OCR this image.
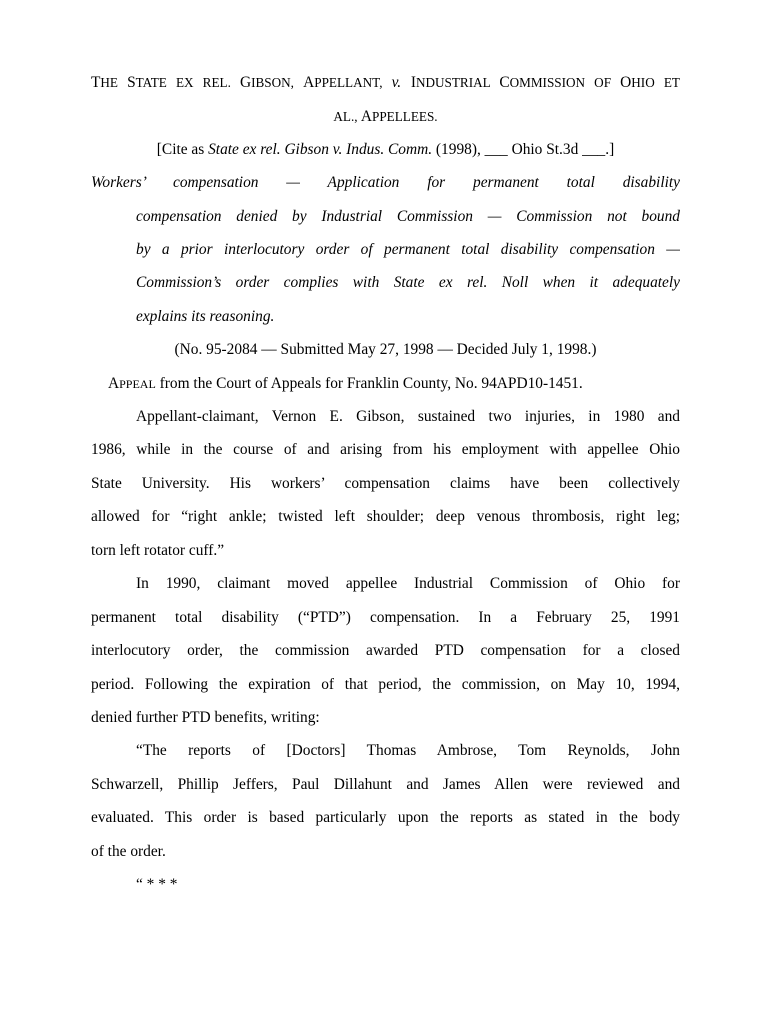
THE STATE EX REL. GIBSON, APPELLANT, v. INDUSTRIAL COMMISSION OF OHIO ET
AL., APPELLEES.
[Cite as State ex rel. Gibson v. Indus. Comm. (1998), ___ Ohio St.3d ___.]
Workers’ compensation — Application for permanent total disability
compensation denied by Industrial Commission — Commission not bound
by a prior interlocutory order of permanent total disability compensation —
Commission’s order complies with State ex rel. Noll when it adequately
explains its reasoning.
(No. 95-2084 — Submitted May 27, 1998 — Decided July 1, 1998.)
APPEAL from the Court of Appeals for Franklin County, No. 94APD10-1451.
Appellant-claimant, Vernon E. Gibson, sustained two injuries, in 1980 and
1986, while in the course of and arising from his employment with appellee Ohio
State University. His workers’ compensation claims have been collectively
allowed for “right ankle; twisted left shoulder; deep venous thrombosis, right leg;
torn left rotator cuff.”
In 1990, claimant moved appellee Industrial Commission of Ohio for
permanent total disability (“PTD”) compensation. In a February 25, 1991
interlocutory order, the commission awarded PTD compensation for a closed
period. Following the expiration of that period, the commission, on May 10, 1994,
denied further PTD benefits, writing:
“The reports of [Doctors] Thomas Ambrose, Tom Reynolds, John
Schwarzell, Phillip Jeffers, Paul Dillahunt and James Allen were reviewed and
evaluated. This order is based particularly upon the reports as stated in the body
of the order.
“ * * *
